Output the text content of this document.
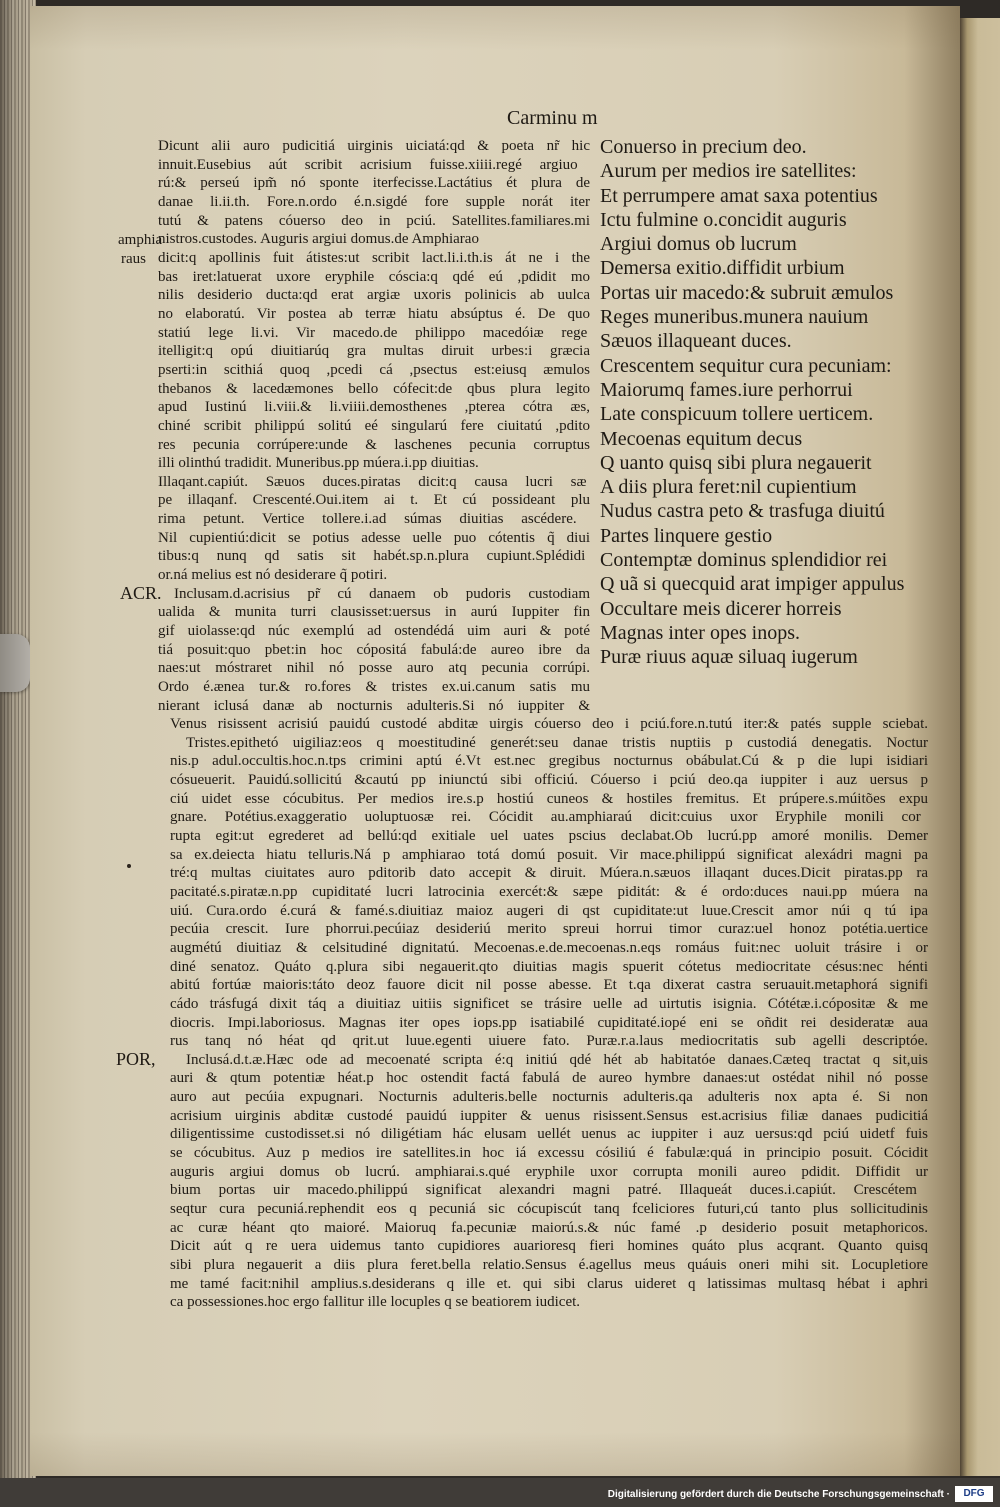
Carminu m
amphia
raus
ACR.
POR,
Dicunt alii auro pudicitiá uirginis uiciatá:qd & poeta nr̃ hic
innuit.Eusebius aút scribit acrisium fuisse.xiiii.regé argiuo
rú:& perseú ipm̃ nó sponte iterfecisse.Lactátius ét plura de
danae li.ii.th. Fore.n.ordo é.n.sigdé fore supple norát iter
tutú & patens cóuerso deo in pciú. Satellites.familiares.mi
nistros.custodes. Auguris argiui domus.de Amphiarao
dicit:q apollinis fuit átistes:ut scribit lact.li.i.th.is át ne i the
bas iret:latuerat uxore eryphile cóscia:q qdé eú ,pdidit mo
nilis desiderio ducta:qd erat argiæ uxoris polinicis ab uulca
no elaboratú. Vir postea ab terræ hiatu absúptus é. De quo
statiú lege li.vi. Vir macedo.de philippo macedóiæ rege
itelligit:q opú diuitiarúq gra multas diruit urbes:i græcia
pserti:in scithiá quoq ,pcedi cá ,psectus est:eiusq æmulos
thebanos & lacedæmones bello cófecit:de qbus plura legito
apud Iustinú li.viii.& li.viiii.demosthenes ,pterea cótra æs,
chiné scribit philippú solitú eé singularú fere ciuitatú ,pdito
res pecunia corrúpere:unde & laschenes pecunia corruptus
illi olinthú tradidit. Muneribus.pp múera.i.pp diuitias.
Illaqant.capiút. Sæuos duces.piratas dicit:q causa lucri sæ
pe illaqanf. Crescenté.Oui.item ai t. Et cú possideant plu
rima petunt. Vertice tollere.i.ad súmas diuitias ascédere.
Nil cupientiú:dicit se potius adesse uelle puo cótentis q̃ diui
tibus:q nunq qd satis sit habét.sp.n.plura cupiunt.Splédidi
or.ná melius est nó desiderare q̃ potiri.
Inclusam.d.acrisius pr̃ cú danaem ob pudoris custodiam
ualida & munita turri clausisset:uersus in aurú Iuppiter fin
gif uiolasse:qd núc exemplú ad ostendédá uim auri & poté
tiá posuit:quo pbet:in hoc cópositá fabulá:de aureo ibre da
naes:ut móstraret nihil nó posse auro atq pecunia corrúpi.
Ordo é.ænea tur.& ro.fores & tristes ex.ui.canum satis mu
nierant iclusá danæ ab nocturnis adulteris.Si nó iuppiter &
Conuerso in precium deo.
Aurum per medios ire satellites:
Et perrumpere amat saxa potentius
Ictu fulmine o.concidit auguris
Argiui domus ob lucrum
Demersa exitio.diffidit urbium
Portas uir macedo:& subruit æmulos
Reges muneribus.munera nauium
Sæuos illaqueant duces.
Crescentem sequitur cura pecuniam:
Maiorumq fames.iure perhorrui
Late conspicuum tollere uerticem.
Mecoenas equitum decus
Q uanto quisq sibi plura negauerit
A diis plura feret:nil cupientium
Nudus castra peto & trasfuga diuitú
Partes linquere gestio
Contemptæ dominus splendidior rei
Q uã si quecquid arat impiger appulus
Occultare meis dicerer horreis
Magnas inter opes inops.
Puræ riuus aquæ siluaq iugerum
Venus risissent acrisiú pauidú custodé abditæ uirgis cóuerso deo i pciú.fore.n.tutú iter:& patés supple sciebat.
Tristes.epithetó uigiliaz:eos q moestitudiné generét:seu danae tristis nuptiis p custodiá denegatis. Noctur
nis.p adul.occultis.hoc.n.tps crimini aptú é.Vt est.nec gregibus nocturnus obábulat.Cú & p die lupi isidiari
cósueuerit. Pauidú.sollicitú &cautú pp iniunctú sibi officiú. Cóuerso i pciú deo.qa iuppiter i auz uersus p
ciú uidet esse cócubitus. Per medios ire.s.p hostiú cuneos & hostiles fremitus. Et prúpere.s.múitões expu
gnare. Potétius.exaggeratio uoluptuosæ rei. Cócidit au.amphiaraú dicit:cuius uxor Eryphile monili cor
rupta egit:ut egrederet ad bellú:qd exitiale uel uates pscius declabat.Ob lucrú.pp amoré monilis. Demer
sa ex.deiecta hiatu telluris.Ná p amphiarao totá domú posuit. Vir mace.philippú significat alexádri magni pa
tré:q multas ciuitates auro pditorib dato accepit & diruit. Múera.n.sæuos illaqant duces.Dicit piratas.pp ra
pacitaté.s.piratæ.n.pp cupiditaté lucri latrocinia exercét:& sæpe piditát: & é ordo:duces naui.pp múera na
uiú. Cura.ordo é.curá & famé.s.diuitiaz maioz augeri di qst cupiditate:ut luue.Crescit amor núi q tú ipa
pecúia crescit. Iure phorrui.pecúiaz desideriú merito spreui horrui timor curaz:uel honoz potétia.uertice
augmétú diuitiaz & celsitudiné dignitatú. Mecoenas.e.de.mecoenas.n.eqs romáus fuit:nec uoluit trásire i or
diné senatoz. Quáto q.plura sibi negauerit.qto diuitias magis spuerit cótetus mediocritate césus:nec hénti
abitú fortúæ maioris:táto deoz fauore dicit nil posse abesse. Et t.qa dixerat castra seruauit.metaphorá signifi
cádo trásfugá dixit táq a diuitiaz uitiis significet se trásire uelle ad uirtutis isignia. Cótétæ.i.cópositæ & me
diocris. Impi.laboriosus. Magnas iter opes iops.pp isatiabilé cupiditaté.iopé eni se oñdit rei desideratæ aua
rus tanq nó héat qd qrit.ut luue.egenti uiuere fato. Puræ.r.a.laus mediocritatis sub agelli descriptóe.
Inclusá.d.t.æ.Hæc ode ad mecoenaté scripta é:q initiú qdé hét ab habitatóe danaes.Cæteq tractat q sit,uis
auri & qtum potentiæ héat.p hoc ostendit factá fabulá de aureo hymbre danaes:ut ostédat nihil nó posse
auro aut pecúia expugnari. Nocturnis adulteris.belle nocturnis adulteris.qa adulteris nox apta é. Si non
acrisium uirginis abditæ custodé pauidú iuppiter & uenus risissent.Sensus est.acrisius filiæ danaes pudicitiá
diligentissime custodisset.si nó diligétiam hác elusam uellét uenus ac iuppiter i auz uersus:qd pciú uidetf fuis
se cócubitus. Auz p medios ire satellites.in hoc iá excessu cósiliú é fabulæ:quá in principio posuit. Cócidit
auguris argiui domus ob lucrú. amphiarai.s.qué eryphile uxor corrupta monili aureo pdidit. Diffidit ur
bium portas uir macedo.philippú significat alexandri magni patré. Illaqueát duces.i.capiút. Crescétem
seqtur cura pecuniá.rephendit eos q pecuniá sic cócupiscút tanq fceliciores futuri,cú tanto plus sollicitudinis
ac curæ héant qto maioré. Maioruq fa.pecuniæ maiorú.s.& núc famé .p desiderio posuit metaphoricos.
Dicit aút q re uera uidemus tanto cupidiores auarioresq fieri homines quáto plus acqrant. Quanto quisq
sibi plura negauerit a diis plura feret.bella relatio.Sensus é.agellus meus quáuis oneri mihi sit. Locupletiore
me tamé facit:nihil amplius.s.desiderans q ille et. qui sibi clarus uideret q latissimas multasq hébat i aphri
ca possessiones.hoc ergo fallitur ille locuples q se beatiorem iudicet.
Digitalisierung gefördert durch die Deutsche Forschungsgemeinschaft ·	DFG
